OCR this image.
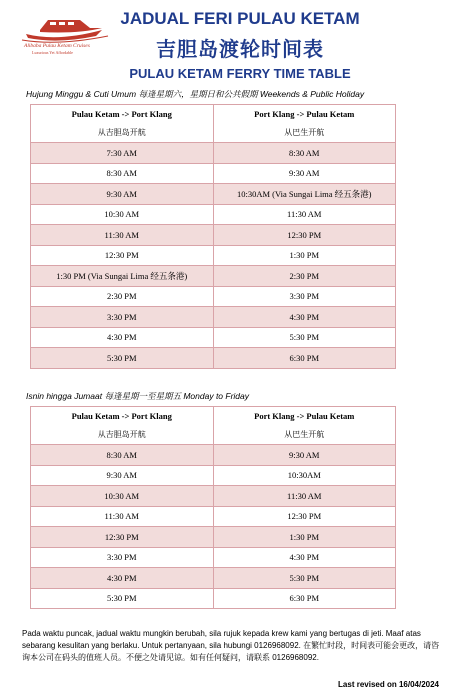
Alibaba Pulau Ketam Cruises
Luxurious Yet Affordable
JADUAL FERI PULAU KETAM
吉胆岛渡轮时间表
PULAU KETAM FERRY TIME TABLE
Hujung Minggu & Cuti Umum 每逢星期六，星期日和公共假期 Weekends & Public Holiday
Pulau Ketam -> Port Klang	Port Klang -> Pulau Ketam
从吉胆岛开航	从巴生开航
7:30 AM	8:30 AM
8:30 AM	9:30 AM
9:30 AM	10:30AM (Via Sungai Lima 经五条港)
10:30 AM	11:30 AM
11:30 AM	12:30 PM
12:30 PM	1:30 PM
1:30 PM (Via Sungai Lima 经五条港)	2:30 PM
2:30 PM	3:30 PM
3:30 PM	4:30 PM
4:30 PM	5:30 PM
5:30 PM	6:30 PM
Isnin hingga Jumaat 每逢星期一至星期五 Monday to Friday
Pulau Ketam -> Port Klang	Port Klang -> Pulau Ketam
从吉胆岛开航	从巴生开航
8:30 AM	9:30 AM
9:30 AM	10:30AM
10:30 AM	11:30 AM
11:30 AM	12:30 PM
12:30 PM	1:30 PM
3:30 PM	4:30 PM
4:30 PM	5:30 PM
5:30 PM	6:30 PM
Pada waktu puncak, jadual waktu mungkin berubah, sila rujuk kepada krew kami yang bertugas di jeti. Maaf atas sebarang kesulitan yang berlaku. Untuk pertanyaan, sila hubungi 0126968092. 在繁忙时段，时间表可能会更改，请咨询本公司在码头的值班人员。不便之处请见谅。如有任何疑问，请联系 0126968092.
Last revised on 16/04/2024
